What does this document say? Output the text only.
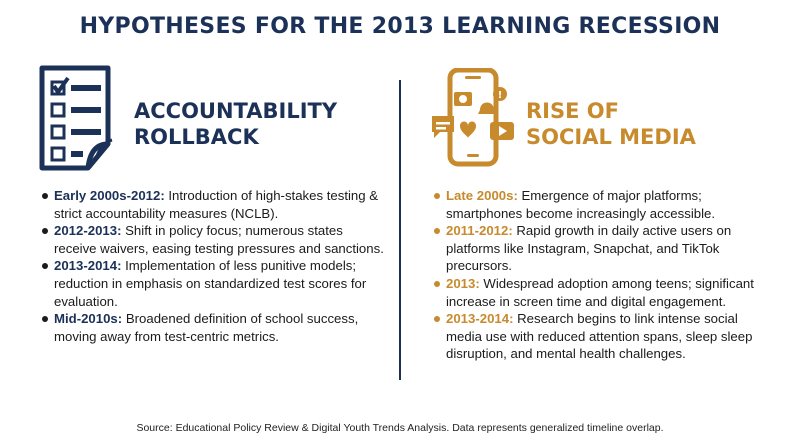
HYPOTHESES FOR THE 2013 LEARNING RECESSION
ACCOUNTABILITY
ROLLBACK
Early 2000s-2012: Introduction of high-stakes testing & strict accountability measures (NCLB).
2012-2013: Shift in policy focus; numerous states receive waivers, easing testing pressures and sanctions.
2013-2014: Implementation of less punitive models; reduction in emphasis on standardized test scores for evaluation.
Mid-2010s: Broadened definition of school success, moving away from test-centric metrics.
!
RISE OF
SOCIAL MEDIA
Late 2000s: Emergence of major platforms; smartphones become increasingly accessible.
2011-2012: Rapid growth in daily active users on platforms like Instagram, Snapchat, and TikTok precursors.
2013: Widespread adoption among teens; significant increase in screen time and digital engagement.
2013-2014: Research begins to link intense social media use with reduced attention spans, sleep sleep disruption, and mental health challenges.
Source: Educational Policy Review & Digital Youth Trends Analysis. Data represents generalized timeline overlap.
